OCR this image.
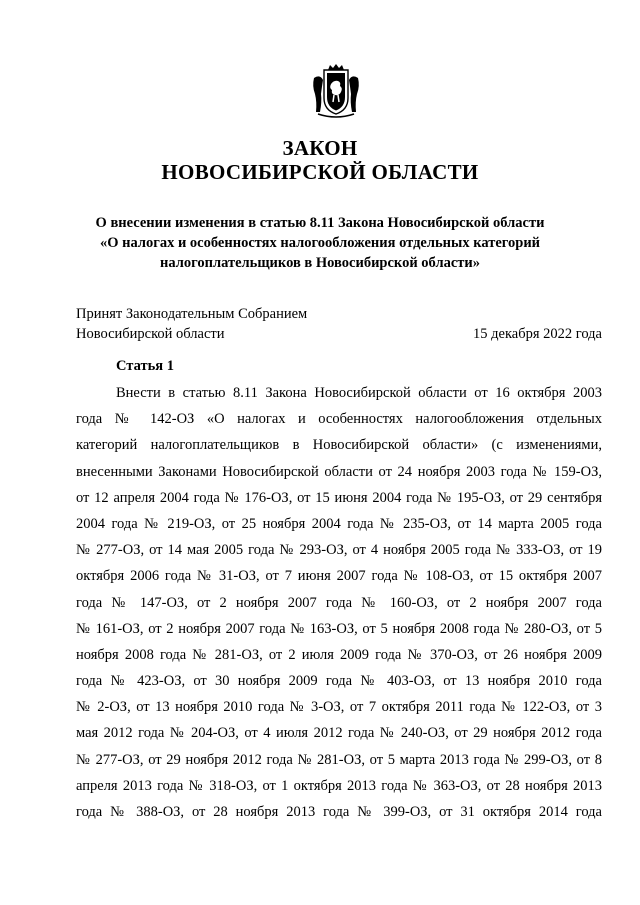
ЗАКОН
НОВОСИБИРСКОЙ ОБЛАСТИ
О внесении изменения в статью 8.11 Закона Новосибирской области
«О налогах и особенностях налогообложения отдельных категорий
налогоплательщиков в Новосибирской области»
Принят Законодательным Собранием
Новосибирской области	15 декабря 2022 года
Статья 1
Внести в статью 8.11 Закона Новосибирской области от 16 октября 2003
года № 142-ОЗ «О налогах и особенностях налогообложения отдельных
категорий налогоплательщиков в Новосибирской области» (с изменениями,
внесенными Законами Новосибирской области от 24 ноября 2003 года № 159-ОЗ,
от 12 апреля 2004 года № 176-ОЗ, от 15 июня 2004 года № 195-ОЗ, от 29 сентября
2004 года № 219-ОЗ, от 25 ноября 2004 года № 235-ОЗ, от 14 марта 2005 года
№ 277-ОЗ, от 14 мая 2005 года № 293-ОЗ, от 4 ноября 2005 года № 333-ОЗ, от 19
октября 2006 года № 31-ОЗ, от 7 июня 2007 года № 108-ОЗ, от 15 октября 2007
года № 147-ОЗ, от 2 ноября 2007 года № 160-ОЗ, от 2 ноября 2007 года
№ 161-ОЗ, от 2 ноября 2007 года № 163-ОЗ, от 5 ноября 2008 года № 280-ОЗ, от 5
ноября 2008 года № 281-ОЗ, от 2 июля 2009 года № 370-ОЗ, от 26 ноября 2009
года № 423-ОЗ, от 30 ноября 2009 года № 403-ОЗ, от 13 ноября 2010 года
№ 2-ОЗ, от 13 ноября 2010 года № 3-ОЗ, от 7 октября 2011 года № 122-ОЗ, от 3
мая 2012 года № 204-ОЗ, от 4 июля 2012 года № 240-ОЗ, от 29 ноября 2012 года
№ 277-ОЗ, от 29 ноября 2012 года № 281-ОЗ, от 5 марта 2013 года № 299-ОЗ, от 8
апреля 2013 года № 318-ОЗ, от 1 октября 2013 года № 363-ОЗ, от 28 ноября 2013
года № 388-ОЗ, от 28 ноября 2013 года № 399-ОЗ, от 31 октября 2014 года
